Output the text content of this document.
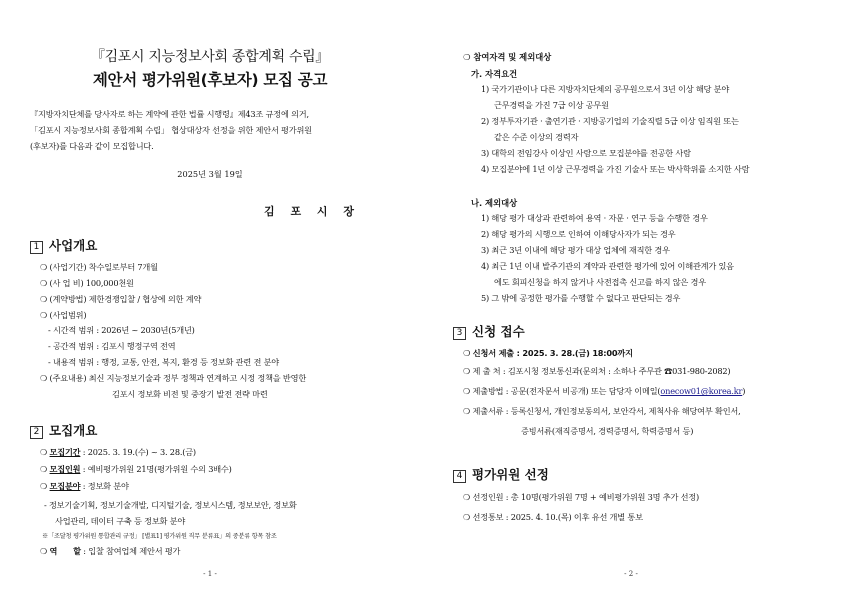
『김포시 지능정보사회 종합계획 수립』
제안서 평가위원(후보자) 모집 공고
『지방자치단체를 당사자로 하는 계약에 관한 법률 시행령』제43조 규정에 의거,
「김포시 지능정보사회 종합계획 수립」 협상대상자 선정을 위한 제안서 평가위원
(후보자)를 다음과 같이 모집합니다.
2025년 3월 19일
김 포 시 장
1 사업개요
❍ (사업기간) 착수일로부터 7개월
❍ (사 업 비) 100,000천원
❍ (계약방법) 제한경쟁입찰 / 협상에 의한 계약
❍ (사업범위)
- 시간적 범위 : 2026년 ~ 2030년(5개년)
- 공간적 범위 : 김포시 행정구역 전역
- 내용적 범위 : 행정, 교통, 안전, 복지, 환경 등 정보화 관련 전 분야
❍ (주요내용) 최신 지능정보기술과 정부 정책과 연계하고 시정 정책을 반영한
김포시 정보화 비전 및 중장기 발전 전략 마련
2 모집개요
❍ 모집기간 : 2025. 3. 19.(수) ~ 3. 28.(금)
❍ 모집인원 : 예비평가위원 21명(평가위원 수의 3배수)
❍ 모집분야 : 정보화 분야
- 정보기술기획, 정보기술개발, 디지털기술, 정보시스템, 정보보안, 정보화
사업관리, 데이터 구축 등 정보화 분야
※「조달청 평가위원 통합관리 규정」 [별표1] 평가위원 직무 분류표」의 중분류 항목 참조
❍ 역      할 : 입찰 참여업체 제안서 평가
- 1 -
❍ 참여자격 및 제외대상
가. 자격요건
1) 국가기관이나 다른 지방자치단체의 공무원으로서 3년 이상 해당 분야
근무경력을 가진 7급 이상 공무원
2) 정부투자기관 · 출연기관 · 지방공기업의 기술직렬 5급 이상 임직원 또는
같은 수준 이상의 경력자
3) 대학의 전임강사 이상인 사람으로 모집분야를 전공한 사람
4) 모집분야에 1년 이상 근무경력을 가진 기술사 또는 박사학위를 소지한 사람
나. 제외대상
1) 해당 평가 대상과 관련하여 용역 · 자문 · 연구 등을 수행한 경우
2) 해당 평가의 시행으로 인하여 이해당사자가 되는 경우
3) 최근 3년 이내에 해당 평가 대상 업체에 재직한 경우
4) 최근 1년 이내 발주기관의 계약과 관련한 평가에 있어 이해관계가 있음
에도 회피신청을 하지 않거나 사전접촉 신고를 하지 않은 경우
5) 그 밖에 공정한 평가를 수행할 수 없다고 판단되는 경우
3 신청 접수
❍ 신청서 제출 : 2025. 3. 28.(금) 18:00까지
❍ 제 출 처 : 김포시청 정보통신과(문의처 : 소하나 주무관 ☎031-980-2082)
❍ 제출방법 : 공문(전자문서 비공개) 또는 담당자 이메일(onecow01@korea.kr)
❍ 제출서류 : 등록신청서, 개인정보동의서, 보안각서, 제척사유 해당여부 확인서,
증빙서류(재직증명서, 경력증명서, 학력증명서 등)
4 평가위원 선정
❍ 선정인원 : 총 10명(평가위원 7명 + 예비평가위원 3명 추가 선정)
❍ 선정통보 : 2025. 4. 10.(목) 이후 유선 개별 통보
- 2 -
